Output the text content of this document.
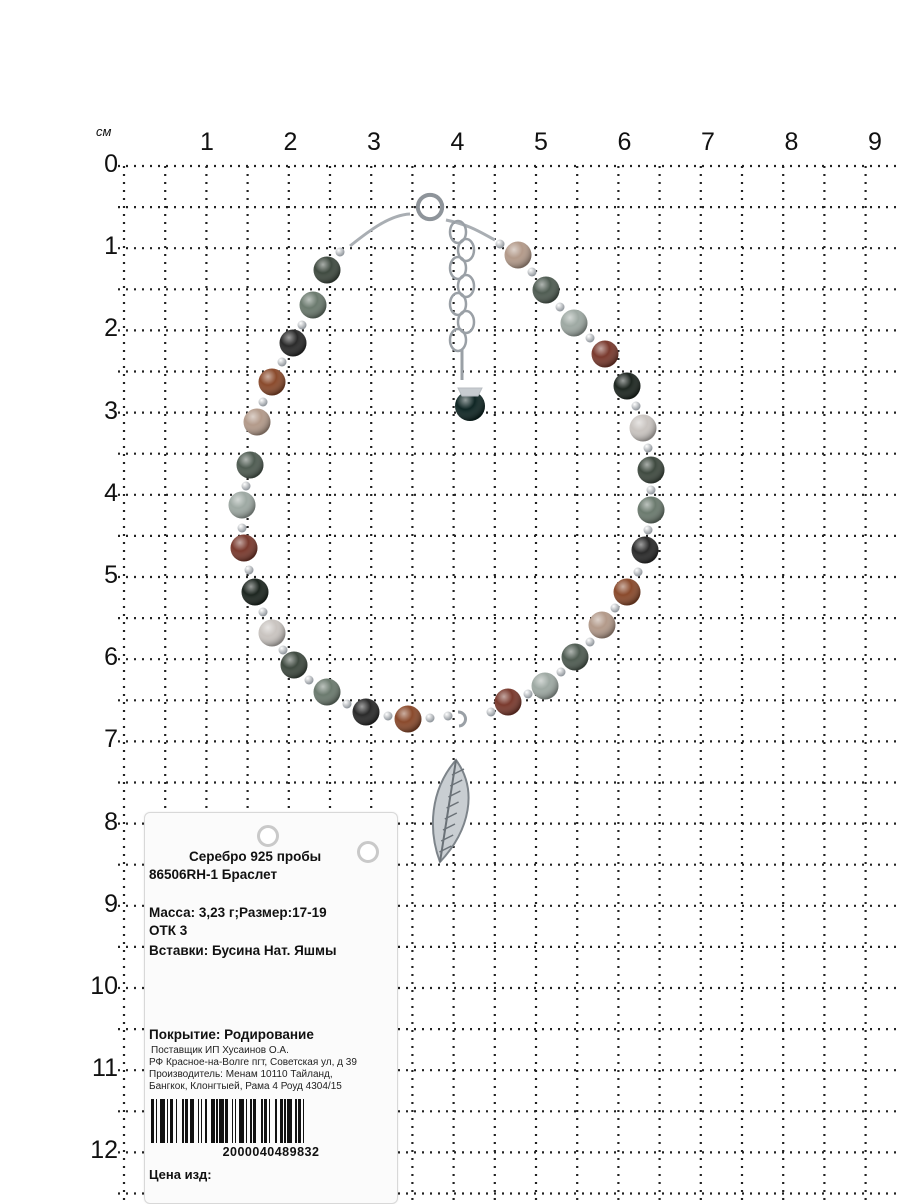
см	1	2	3	4	5	6	7	8	9
0
1
2
3
4
5
6
7
8
9
10
11
12
Серебро 925 пробы
86506RH-1 Браслет
Масса: 3,23 г;Размер:17-19
ОТК 3
Вставки: Бусина Нат. Яшмы
Покрытие: Родирование
Поставщик ИП Хусаинов О.А.
РФ Красное-на-Волге пгт, Советская ул, д 39
Производитель: Менам 10110 Тайланд,
Бангкок, Клонгтыей, Рама 4 Роуд 4304/15
2000040489832
Цена изд:
